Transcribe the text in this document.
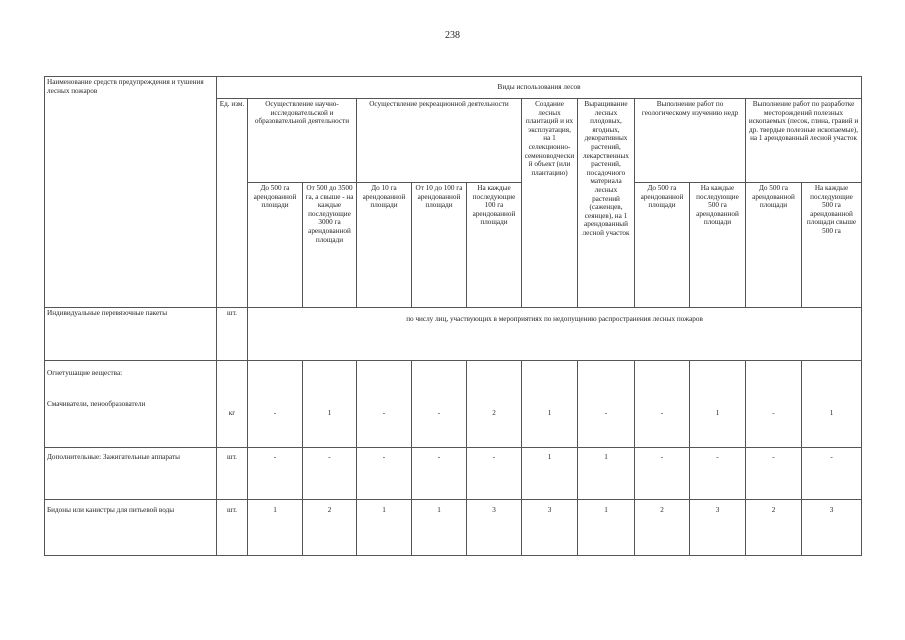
238
Наименование средств предупреждения и тушения лесных пожаров	Виды использования лесов											
	Ед. изм.	Осуществление научно-исследовательской и образовательной деятельности		Осуществление рекреационной деятельности			Создание лесных плантаций и их эксплуатация, на 1 селекционно-семеноводческий объект (или плантацию)	Выращивание лесных плодовых, ягодных, декоративных растений, лекарственных растений, посадочного материала лесных растений (саженцев, сеянцев), на 1 арендованный лесной участок	Выполнение работ по геологическому изучению недр		Выполнение работ по разработке месторождений полезных ископаемых (песок, глина, гравий и др. твердые полезные ископаемые), на 1 арендованный лесной участок	
		До 500 га арендованной площади	От 500 до 3500 га, а свыше - на каждые последующие 3000 га арендованной площади	До 10 га арендованной площади	От 10 до 100 га арендованной площади	На каждые последующие 100 га арендованной площади			До 500 га арендованной площади	На каждые последующие 500 га арендованной площади	До 500 га арендованной площади	На каждые последующие 500 га арендованной площади свыше 500 га
Индивидуальные перевязочные пакеты	шт.	по числу лиц, участвующих в мероприятиях по недопущению распространения лесных пожаров										

Огнетушащие вещества:
Смачиватели, пенообразователи	кг	-	1	-	-	2	1	-	-	1	-	1
Дополнительные: Зажигательные аппараты	шт.	-	-	-	-	-	1	1	-	-	-	-
Бидоны или канистры для питьевой воды	шт.	1	2	1	1	3	3	1	2	3	2	3
